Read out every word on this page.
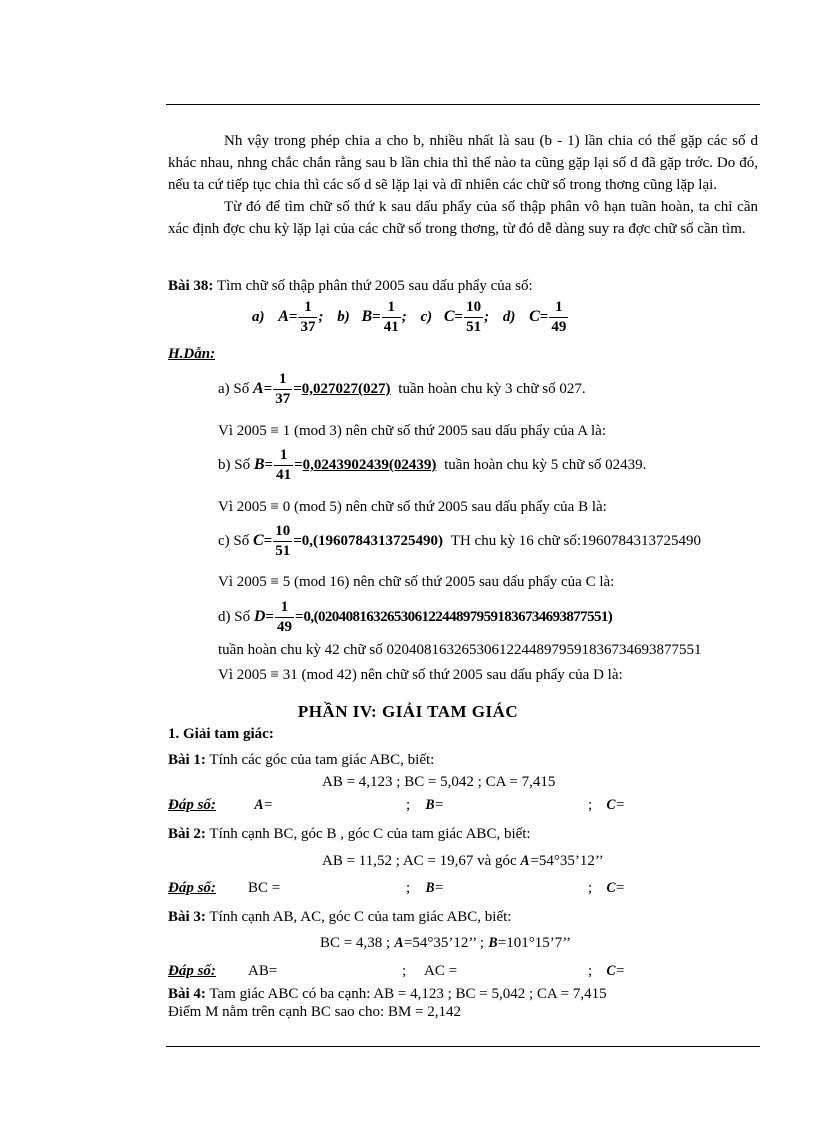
Nh vậy trong phép chia a cho b, nhiều nhất là sau (b - 1) lần chia có thể gặp các số d khác nhau, nhng chắc chắn rằng sau b lần chia thì thế nào ta cũng gặp lại số d đã gặp trớc. Do đó, nếu ta cứ tiếp tục chia thì các số d sẽ lặp lại và dĩ nhiên các chữ số trong thơng cũng lặp lại.

Từ đó để tìm chữ số thứ k sau dấu phẩy của số thập phân vô hạn tuần hoàn, ta chỉ cần xác định đợc chu kỳ lặp lại của các chữ số trong thơng, từ đó dễ dàng suy ra đợc chữ số cần tìm.

Bài 38: Tìm chữ số thập phân thứ 2005 sau dấu phẩy của số:
a) $A= \frac{1}{37}$ ; b) $B= \frac{1}{41}$ ; c) $C= \frac{10}{51}$ ; d) $C= \frac{1}{49}$
H.Dẫn:
a) Số $A= \frac{1}{37} =0,027027(027)$ tuần hoàn chu kỳ 3 chữ số 027.
Vì 2005 ≡ 1 (mod 3) nên chữ số thứ 2005 sau dấu phẩy của A là:
b) Số $B= \frac{1}{41} =0,0243902439(02439)$ tuần hoàn chu kỳ 5 chữ số 02439.
Vì 2005 ≡ 0 (mod 5) nên chữ số thứ 2005 sau dấu phẩy của B là:
c) Số $C= \frac{10}{51} =0,(1960784313725490)$ TH chu kỳ 16 chữ số:1960784313725490
Vì 2005 ≡ 5 (mod 16) nên chữ số thứ 2005 sau dấu phẩy của C là:
d) Số $D= \frac{1}{49} =0,(020408163265306122448979591836734693877551)$
tuần hoàn chu kỳ 42 chữ số 020408163265306122448979591836734693877551
Vì 2005 ≡ 31 (mod 42) nên chữ số thứ 2005 sau dấu phẩy của D là:
PHẦN IV: GIẢI TAM GIÁC
1. Giải tam giác:
Bài 1: Tính các góc của tam giác ABC, biết:
AB = 4,123 ; BC = 5,042 ; CA = 7,415
Đáp số:	A=	; B=	; C=
Bài 2: Tính cạnh BC, góc B , góc C của tam giác ABC, biết:
AB = 11,52 ; AC = 19,67 và góc A=54°35’12’’
Đáp số: BC =	; B=	; C=
Bài 3: Tính cạnh AB, AC, góc C của tam giác ABC, biết:
BC = 4,38 ; A=54°35’12’’ ; B=101°15’7’’
Đáp số: AB=	; AC =	; C=
Bài 4: Tam giác ABC có ba cạnh: AB = 4,123 ; BC = 5,042 ; CA = 7,415
Điểm M nằm trên cạnh BC sao cho: BM = 2,142
